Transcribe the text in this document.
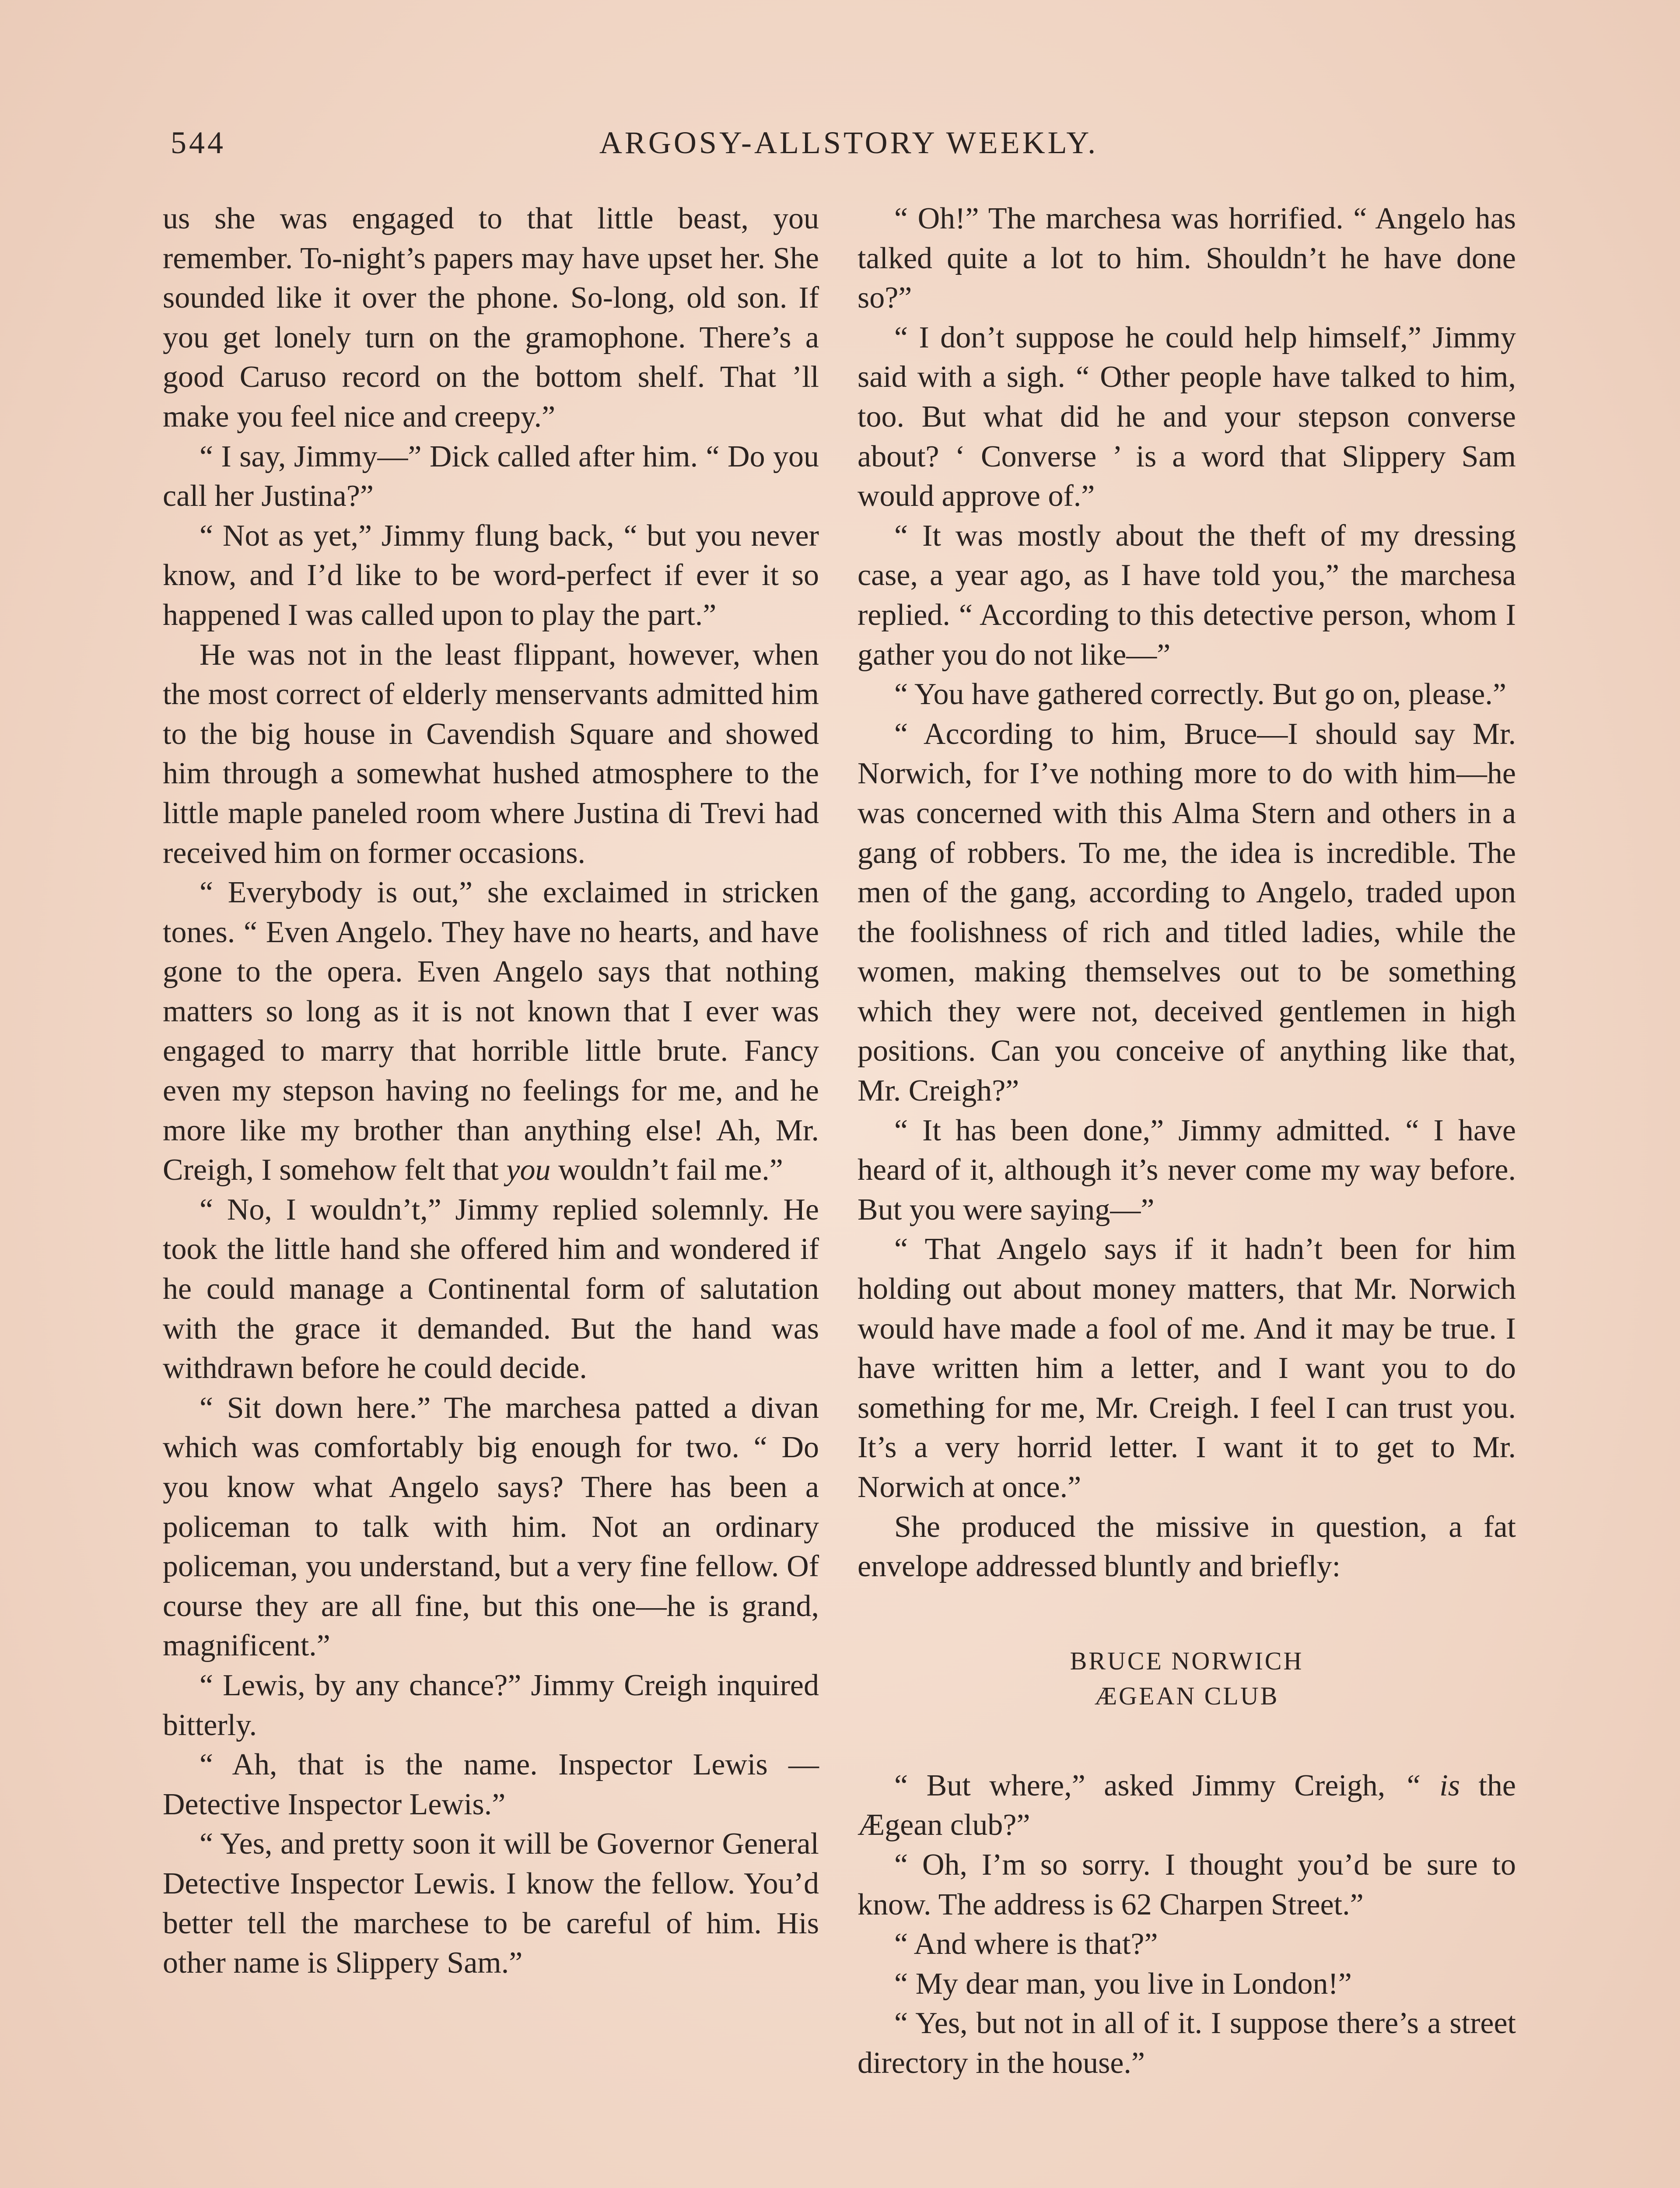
544	ARGOSY-ALLSTORY WEEKLY.

us she was engaged to that little beast, you remember. To-night’s papers may have upset her. She sounded like it over the phone. So-long, old son. If you get lonely turn on the gramophone. There’s a good Caruso record on the bottom shelf. That ’ll make you feel nice and creepy.”

“ I say, Jimmy—” Dick called after him. “ Do you call her Justina?”

“ Not as yet,” Jimmy flung back, “ but you never know, and I’d like to be word-perfect if ever it so happened I was called upon to play the part.”

He was not in the least flippant, however, when the most correct of elderly menservants admitted him to the big house in Cavendish Square and showed him through a somewhat hushed atmosphere to the little maple paneled room where Justina di Trevi had received him on former occasions.

“ Everybody is out,” she exclaimed in stricken tones. “ Even Angelo. They have no hearts, and have gone to the opera. Even Angelo says that nothing matters so long as it is not known that I ever was engaged to marry that horrible little brute. Fancy even my stepson having no feelings for me, and he more like my brother than anything else! Ah, Mr. Creigh, I somehow felt that you wouldn’t fail me.”

“ No, I wouldn’t,” Jimmy replied solemnly. He took the little hand she offered him and wondered if he could manage a Continental form of salutation with the grace it demanded. But the hand was withdrawn before he could decide.

“ Sit down here.” The marchesa patted a divan which was comfortably big enough for two. “ Do you know what Angelo says? There has been a policeman to talk with him. Not an ordinary policeman, you understand, but a very fine fellow. Of course they are all fine, but this one—he is grand, magnificent.”

“ Lewis, by any chance?” Jimmy Creigh inquired bitterly.

“ Ah, that is the name. Inspector Lewis —Detective Inspector Lewis.”

“ Yes, and pretty soon it will be Governor General Detective Inspector Lewis. I know the fellow. You’d better tell the marchese to be careful of him. His other name is Slippery Sam.”

“ Oh!” The marchesa was horrified. “ Angelo has talked quite a lot to him. Shouldn’t he have done so?”

“ I don’t suppose he could help himself,” Jimmy said with a sigh. “ Other people have talked to him, too. But what did he and your stepson converse about? ‘ Converse ’ is a word that Slippery Sam would approve of.”

“ It was mostly about the theft of my dressing case, a year ago, as I have told you,” the marchesa replied. “ According to this detective person, whom I gather you do not like—”

“ You have gathered correctly. But go on, please.”

“ According to him, Bruce—I should say Mr. Norwich, for I’ve nothing more to do with him—he was concerned with this Alma Stern and others in a gang of robbers. To me, the idea is incredible. The men of the gang, according to Angelo, traded upon the foolishness of rich and titled ladies, while the women, making themselves out to be something which they were not, deceived gentlemen in high positions. Can you conceive of anything like that, Mr. Creigh?”

“ It has been done,” Jimmy admitted. “ I have heard of it, although it’s never come my way before. But you were saying—”

“ That Angelo says if it hadn’t been for him holding out about money matters, that Mr. Norwich would have made a fool of me. And it may be true. I have written him a letter, and I want you to do something for me, Mr. Creigh. I feel I can trust you. It’s a very horrid letter. I want it to get to Mr. Norwich at once.”

She produced the missive in question, a fat envelope addressed bluntly and briefly:

BRUCE NORWICH
ÆGEAN CLUB

“ But where,” asked Jimmy Creigh, “ is the Ægean club?”

“ Oh, I’m so sorry. I thought you’d be sure to know. The address is 62 Charpen Street.”

“ And where is that?”

“ My dear man, you live in London!”

“ Yes, but not in all of it. I suppose there’s a street directory in the house.”
